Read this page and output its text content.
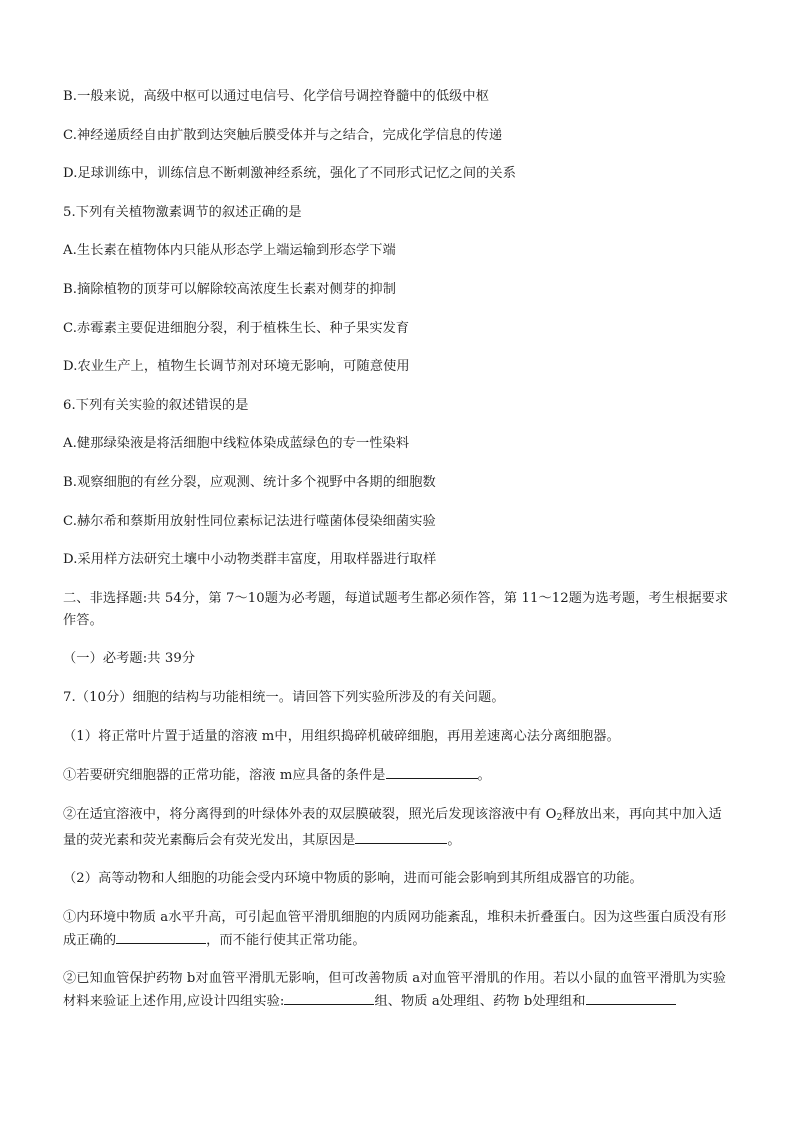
B.一般来说，高级中枢可以通过电信号、化学信号调控脊髓中的低级中枢

C.神经递质经自由扩散到达突触后膜受体并与之结合，完成化学信息的传递

D.足球训练中，训练信息不断刺激神经系统，强化了不同形式记忆之间的关系

5.下列有关植物激素调节的叙述正确的是

A.生长素在植物体内只能从形态学上端运输到形态学下端

B.摘除植物的顶芽可以解除较高浓度生长素对侧芽的抑制

C.赤霉素主要促进细胞分裂，利于植株生长、种子果实发育

D.农业生产上，植物生长调节剂对环境无影响，可随意使用

6.下列有关实验的叙述错误的是

A.健那绿染液是将活细胞中线粒体染成蓝绿色的专一性染料

B.观察细胞的有丝分裂，应观测、统计多个视野中各期的细胞数

C.赫尔希和蔡斯用放射性同位素标记法进行噬菌体侵染细菌实验

D.采用样方法研究土壤中小动物类群丰富度，用取样器进行取样

二、非选择题:共 54分，第 7～10题为必考题，每道试题考生都必须作答，第 11～12题为选考题，考生根据要求作答。

（一）必考题:共 39分

7.（10分）细胞的结构与功能相统一。请回答下列实验所涉及的有关问题。

（1）将正常叶片置于适量的溶液 m中，用组织捣碎机破碎细胞，再用差速离心法分离细胞器。

①若要研究细胞器的正常功能，溶液 m应具备的条件是	。

②在适宜溶液中，将分离得到的叶绿体外表的双层膜破裂，照光后发现该溶液中有 $O_2$释放出来，再向其中加入适量的荧光素和荧光素酶后会有荧光发出，其原因是	。

（2）高等动物和人细胞的功能会受内环境中物质的影响，进而可能会影响到其所组成器官的功能。

①内环境中物质 a水平升高，可引起血管平滑肌细胞的内质网功能紊乱，堆积未折叠蛋白。因为这些蛋白质没有形成正确的	，而不能行使其正常功能。

②已知血管保护药物 b对血管平滑肌无影响，但可改善物质 a对血管平滑肌的作用。若以小鼠的血管平滑肌为实验材料来验证上述作用,应设计四组实验:	组、物质 a处理组、药物 b处理组和
